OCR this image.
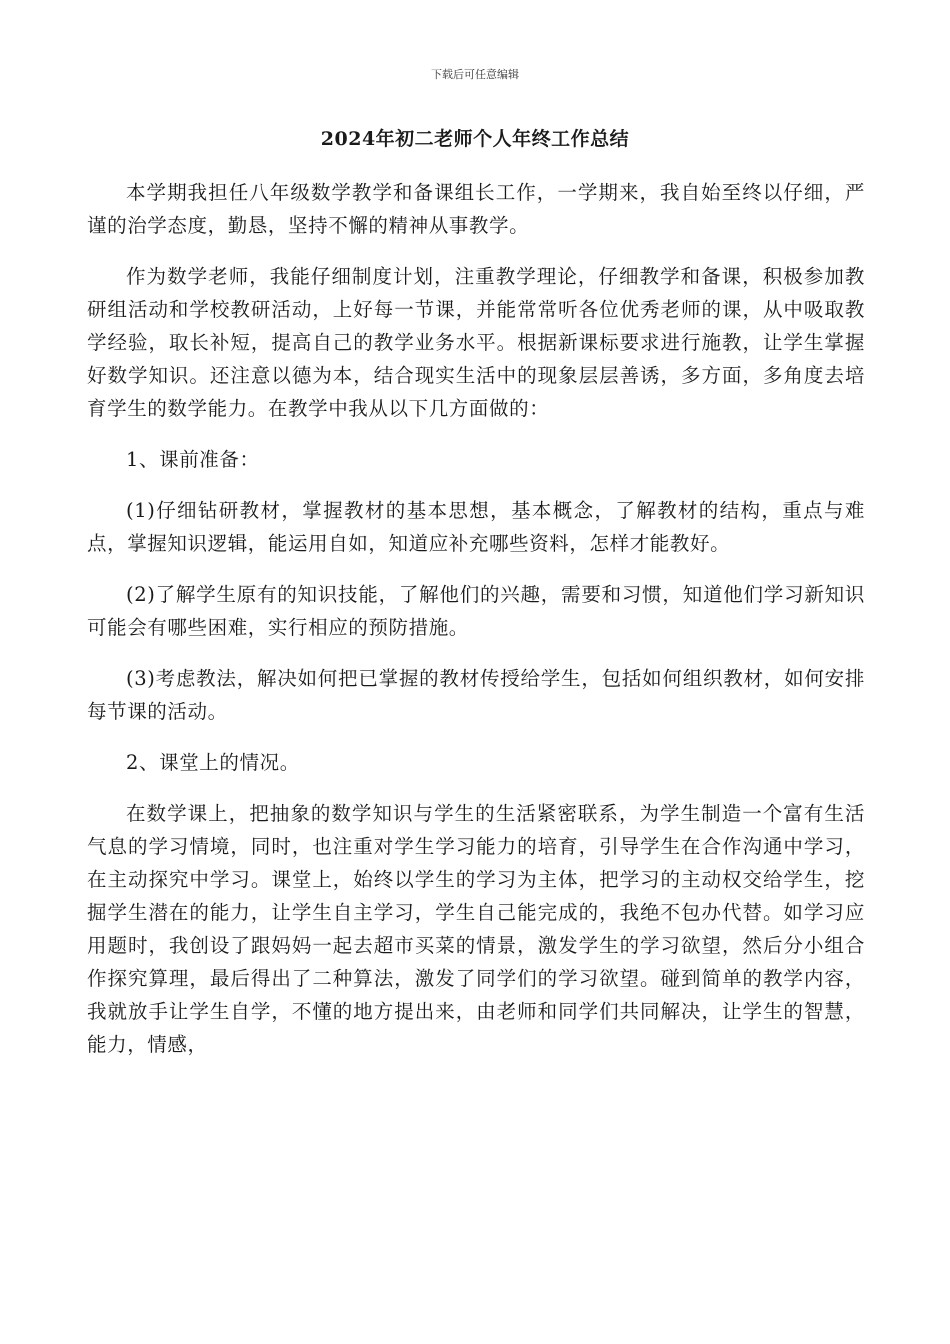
下载后可任意编辑
2024年初二老师个人年终工作总结

本学期我担任八年级数学教学和备课组长工作，一学期来，我自始至终以仔细，严谨的治学态度，勤恳，坚持不懈的精神从事教学。

作为数学老师，我能仔细制度计划，注重教学理论，仔细教学和备课，积极参加教研组活动和学校教研活动，上好每一节课，并能常常听各位优秀老师的课，从中吸取教学经验，取长补短，提高自己的教学业务水平。根据新课标要求进行施教，让学生掌握好数学知识。还注意以德为本，结合现实生活中的现象层层善诱，多方面，多角度去培育学生的数学能力。在教学中我从以下几方面做的：

1、课前准备：

(1)仔细钻研教材，掌握教材的基本思想，基本概念，了解教材的结构，重点与难点，掌握知识逻辑，能运用自如，知道应补充哪些资料，怎样才能教好。

(2)了解学生原有的知识技能，了解他们的兴趣，需要和习惯，知道他们学习新知识可能会有哪些困难，实行相应的预防措施。

(3)考虑教法，解决如何把已掌握的教材传授给学生，包括如何组织教材，如何安排每节课的活动。

2、课堂上的情况。

在数学课上，把抽象的数学知识与学生的生活紧密联系，为学生制造一个富有生活气息的学习情境，同时，也注重对学生学习能力的培育，引导学生在合作沟通中学习，在主动探究中学习。课堂上，始终以学生的学习为主体，把学习的主动权交给学生，挖掘学生潜在的能力，让学生自主学习，学生自己能完成的，我绝不包办代替。如学习应用题时，我创设了跟妈妈一起去超市买菜的情景，激发学生的学习欲望，然后分小组合作探究算理，最后得出了二种算法，激发了同学们的学习欲望。碰到简单的教学内容，我就放手让学生自学，不懂的地方提出来，由老师和同学们共同解决，让学生的智慧，能力，情感，
